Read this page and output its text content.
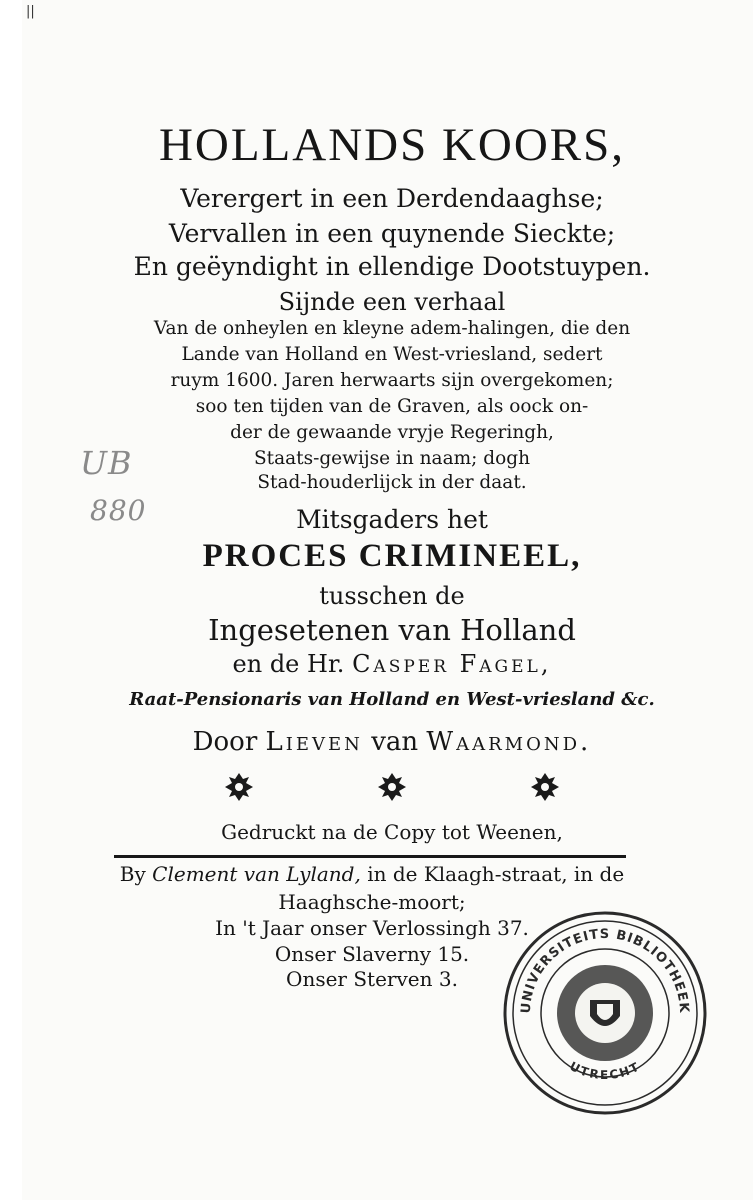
||
UB
880
HOLLANDS KOORS,
Verergert in een Derdendaaghse;
Vervallen in een quynende Sieckte;
En geëyndight in ellendige Dootstuypen.
Sijnde een verhaal
Van de onheylen en kleyne adem-halingen, die den
Lande van Holland en West-vriesland, sedert
ruym 1600. Jaren herwaarts sijn overgekomen;
soo ten tijden van de Graven, als oock on-
der de gewaande vryje Regeringh,
Staats-gewijse in naam; dogh
Stad-houderlijck in der daat.
Mitsgaders het
PROCES CRIMINEEL,
tusschen de
Ingesetenen van Holland
en de Hr. Casper Fagel,
Raat-Pensionaris van Holland en West-vriesland &c.
Door Lieven van Waarmond.
Gedruckt na de Copy tot Weenen,
By Clement van Lyland, in de Klaagh-straat, in de
Haaghsche-moort;
In 't Jaar onser Verlossingh 37.
Onser Slaverny 15.
Onser Sterven 3.
UNIVERSITEITS BIBLIOTHEEK
UTRECHT
